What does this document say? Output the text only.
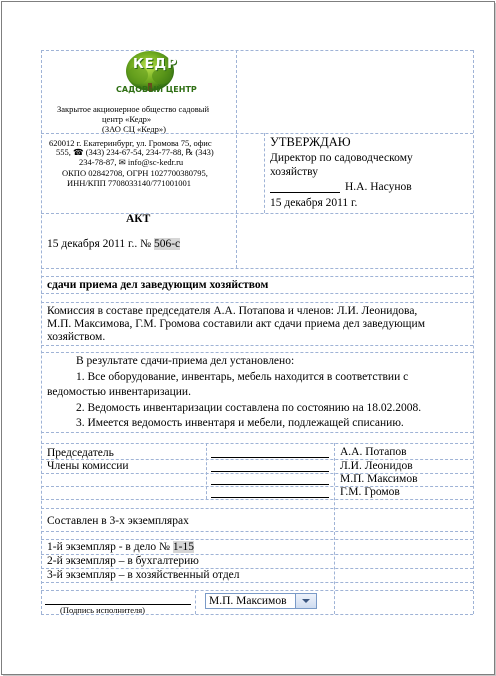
КЕДР
САДОВЫЙ ЦЕНТР
Закрытое акционерное общество садовый
центр «Кедр»
(ЗАО СЦ «Кедр»)
620012 г. Екатеринбург, ул. Громова 75, офис
555, ☎ (343) 234-67-54, 234-77-88, ℞ (343)
234-78-87, ✉ info@sc-kedr.ru
ОКПО 02842708, ОГРН 1027700380795,
ИНН/КПП 7708033140/771001001
УТВЕРЖДАЮ
Директор по садоводческому
хозяйству
Н.А. Насунов
15 декабря 2011 г.
АКТ
15 декабря 2011 г.. № 506-с
сдачи приема дел заведующим хозяйством
Комиссия в составе председателя А.А. Потапова и членов: Л.И. Леонидова,
М.П. Максимова, Г.М. Громова составили акт сдачи приема дел заведующим
хозяйством.
В результате сдачи-приема дел установлено:
1. Все оборудование, инвентарь, мебель находится в соответствии с
ведомостью инвентаризации.
2. Ведомость инвентаризации составлена по состоянию на 18.02.2008.
3. Имеется ведомость инвентаря и мебели, подлежащей списанию.
Председатель
Члены комиссии
А.А. Потапов
Л.И. Леонидов
М.П. Максимов
Г.М. Громов
Составлен в 3-х экземплярах
1-й экземпляр - в дело № 1-15
2-й экземпляр – в бухгалтерию
3-й экземпляр – в хозяйственный отдел
(Подпись исполнителя)
М.П. Максимов
